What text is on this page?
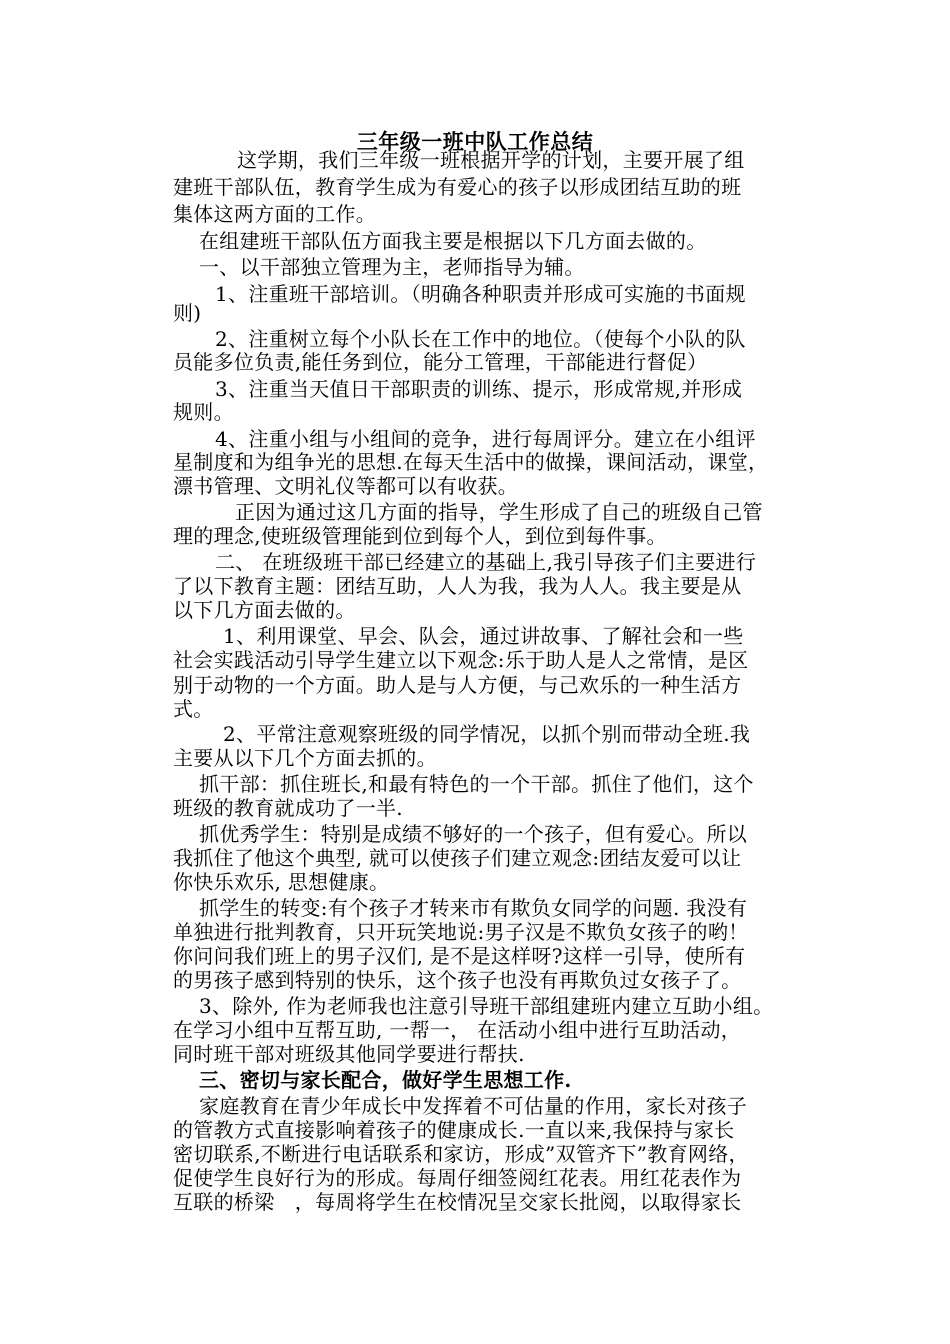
三年级一班中队工作总结

这学期，我们三年级一班根据开学的计划，主要开展了组

建班干部队伍，教育学生成为有爱心的孩子以形成团结互助的班

集体这两方面的工作。

在组建班干部队伍方面我主要是根据以下几方面去做的。

一、以干部独立管理为主，老师指导为辅。

1、注重班干部培训。（明确各种职责并形成可实施的书面规

则)

2、注重树立每个小队长在工作中的地位。（使每个小队的队

员能多位负责,能任务到位，能分工管理，干部能进行督促）

3、注重当天值日干部职责的训练、提示，形成常规,并形成

规则。

4、注重小组与小组间的竞争，进行每周评分。建立在小组评

星制度和为组争光的思想.在每天生活中的做操，课间活动，课堂，

漂书管理、文明礼仪等都可以有收获。

正因为通过这几方面的指导，学生形成了自己的班级自己管

理的理念,使班级管理能到位到每个人，到位到每件事。

二、 在班级班干部已经建立的基础上,我引导孩子们主要进行

了以下教育主题：团结互助，人人为我，我为人人。我主要是从

以下几方面去做的。

1、利用课堂、早会、队会，通过讲故事、了解社会和一些

社会实践活动引导学生建立以下观念:乐于助人是人之常情，是区

别于动物的一个方面。助人是与人方便，与己欢乐的一种生活方

式。

2、平常注意观察班级的同学情况，以抓个别而带动全班.我

主要从以下几个方面去抓的。

抓干部：抓住班长,和最有特色的一个干部。抓住了他们，这个

班级的教育就成功了一半.

抓优秀学生：特别是成绩不够好的一个孩子，但有爱心。所以

我抓住了他这个典型, 就可以使孩子们建立观念:团结友爱可以让

你快乐欢乐, 思想健康。

抓学生的转变:有个孩子才转来市有欺负女同学的问题. 我没有

单独进行批判教育，只开玩笑地说:男子汉是不欺负女孩子的哟！

你问问我们班上的男子汉们, 是不是这样呀?这样一引导，使所有

的男孩子感到特别的快乐，这个孩子也没有再欺负过女孩子了。

3、除外, 作为老师我也注意引导班干部组建班内建立互助小组。

在学习小组中互帮互助, 一帮一， 在活动小组中进行互助活动，

同时班干部对班级其他同学要进行帮扶.

三、密切与家长配合，做好学生思想工作.

家庭教育在青少年成长中发挥着不可估量的作用，家长对孩子

的管教方式直接影响着孩子的健康成长.一直以来,我保持与家长

密切联系,不断进行电话联系和家访，形成”双管齐下”教育网络，

促使学生良好行为的形成。每周仔细签阅红花表。用红花表作为

互联的桥梁　，每周将学生在校情况呈交家长批阅，以取得家长
